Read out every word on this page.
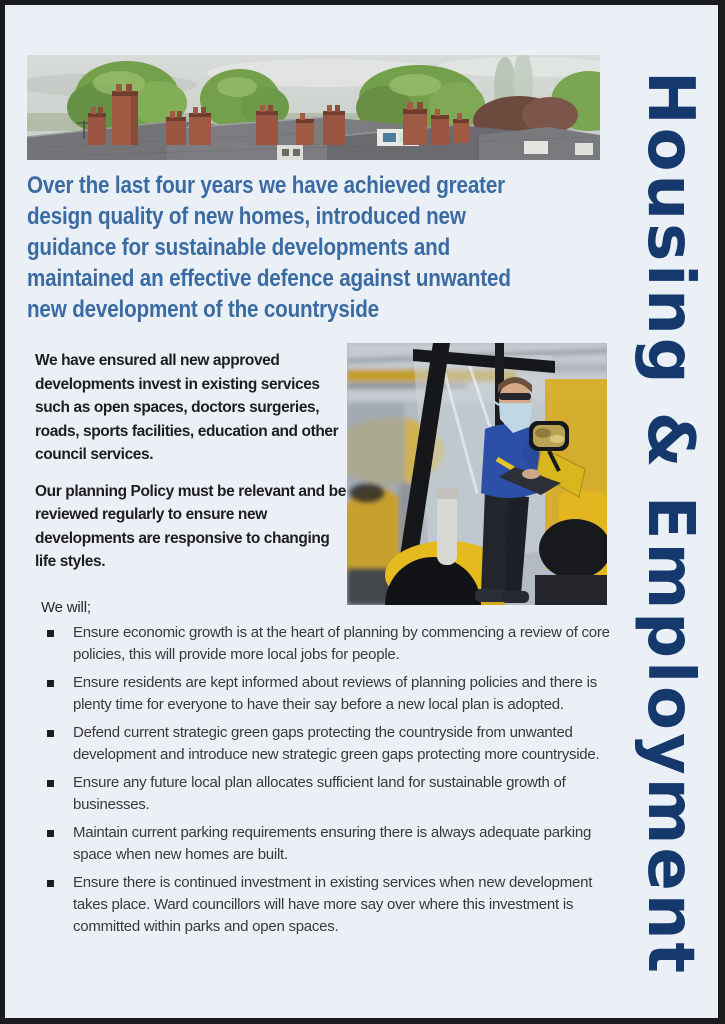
Over the last four years we have achieved greater
design quality of new homes, introduced new
guidance for sustainable developments and
maintained an effective defence against unwanted
new development of the countryside

We have ensured all new approved developments invest in existing services such as open spaces, doctors surgeries, roads, sports facilities, education and other council services.

Our planning Policy must be relevant and be reviewed regularly to ensure new developments are responsive to changing life styles.

We will;
Ensure economic growth is at the heart of planning by commencing a review of core policies, this will provide more local jobs for people.
Ensure residents are kept informed about reviews of planning policies and there is plenty time for everyone to have their say before a new local plan is adopted.
Defend current strategic green gaps protecting the countryside from unwanted development and introduce new strategic green gaps protecting more countryside.
Ensure any future local plan allocates sufficient land for sustainable growth of businesses.
Maintain current parking requirements ensuring there is always adequate parking space when new homes are built.
Ensure there is continued investment in existing services when new development takes place. Ward councillors will have more say over where this investment is committed within parks and open spaces.	Housing & Employment
